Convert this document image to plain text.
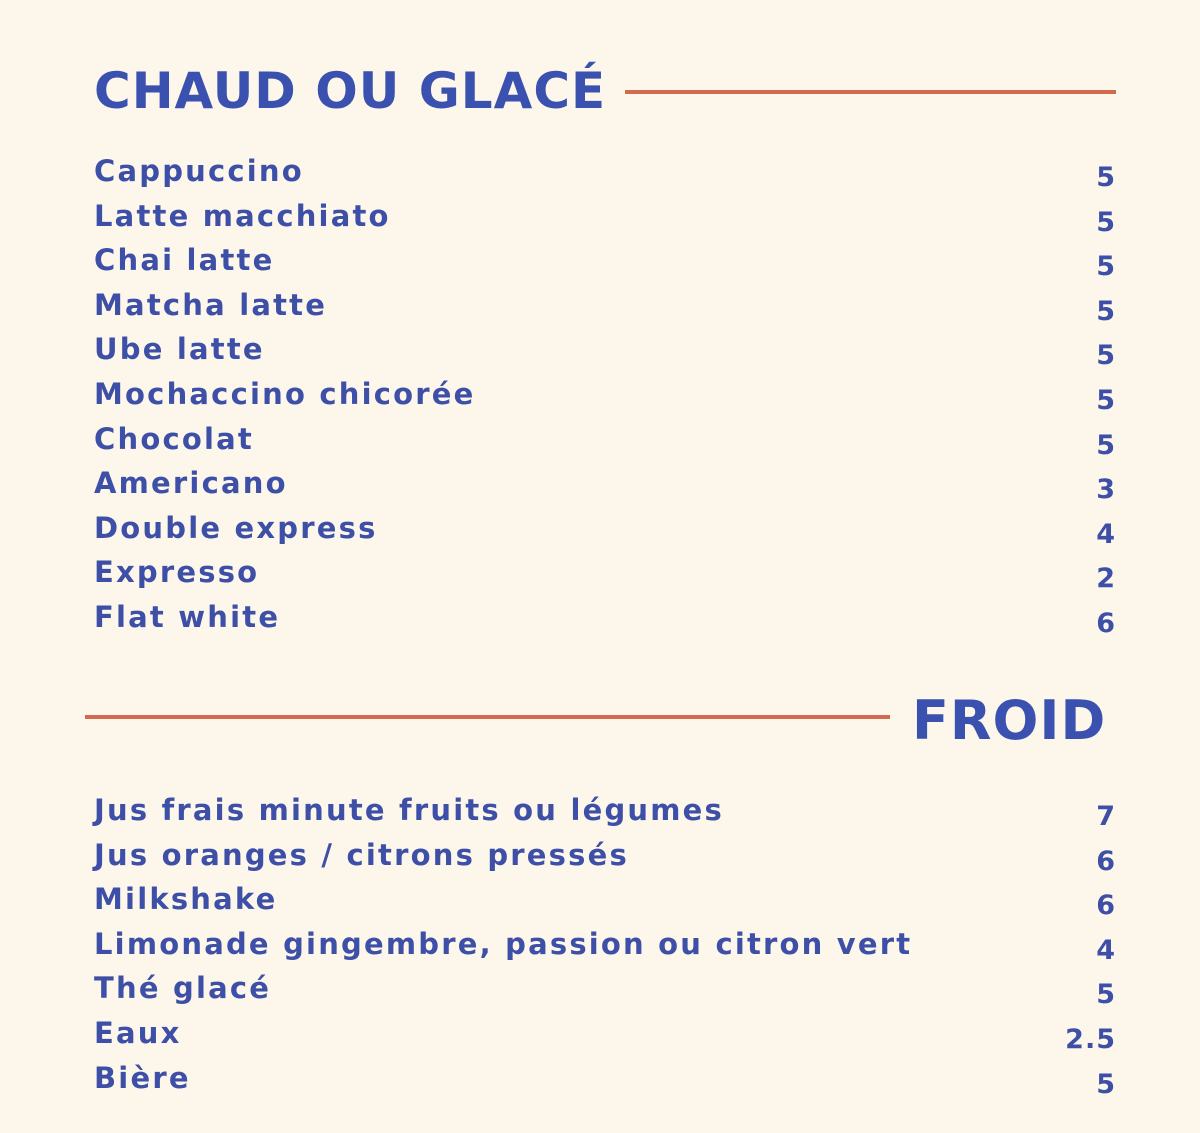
CHAUD OU GLACÉ
Cappuccino	5
Latte macchiato	5
Chai latte	5
Matcha latte	5
Ube latte	5
Mochaccino chicorée	5
Chocolat	5
Americano	3
Double express	4
Expresso	2
Flat white	6
FROID
Jus frais minute fruits ou légumes	7
Jus oranges / citrons pressés	6
Milkshake	6
Limonade gingembre, passion ou citron vert	4
Thé glacé	5
Eaux	2.5
Bière	5
